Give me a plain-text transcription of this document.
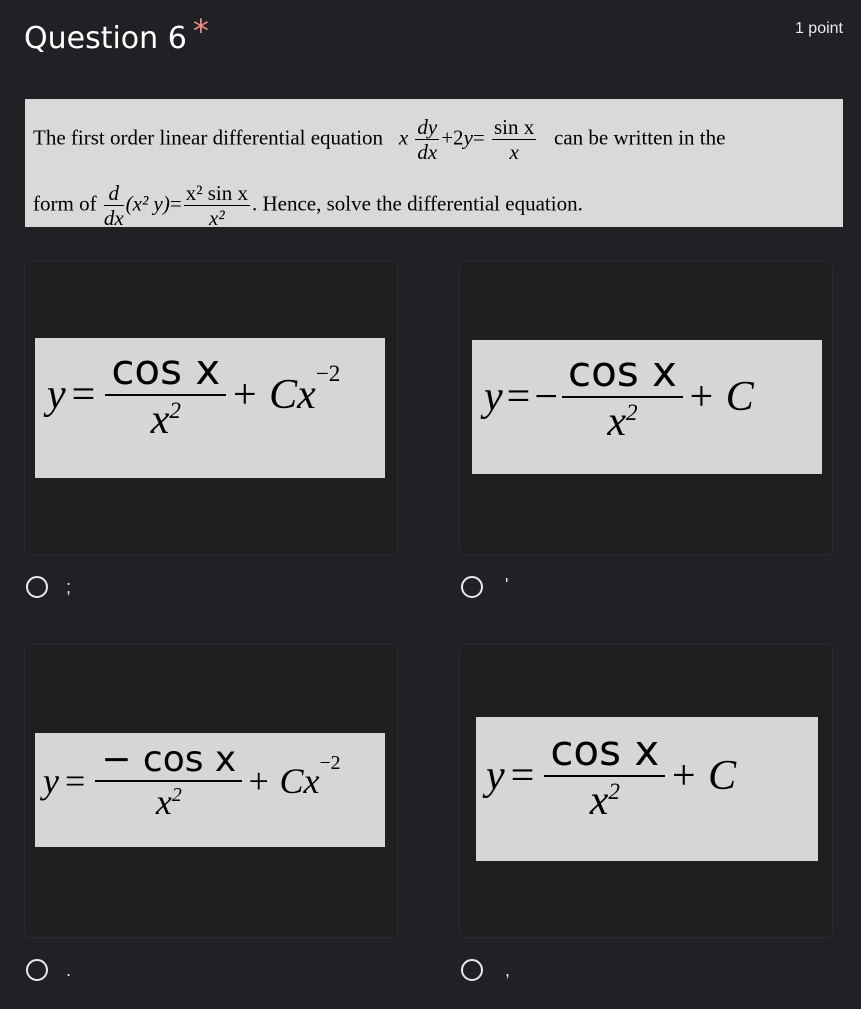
Question 6 *	1 point
The first order linear differential equation x $\frac{dy}{dx} +2y= \frac{\text{sin x}}{x}$ can be written in the
form of $\frac{d}{dx} (x^2$ $y)= \frac{\text{x² sin x}}{\text{x²}}$ . Hence, solve the differential equation.
y =
cos x
$x^2 + Cx^{-2}$
;
y = − $\frac{\text{cos x}}{x^2} + C$
'
y =
− cos x
$x^2 + Cx^{-2}$
.
y =
cos x
$x^2 + C$
,
